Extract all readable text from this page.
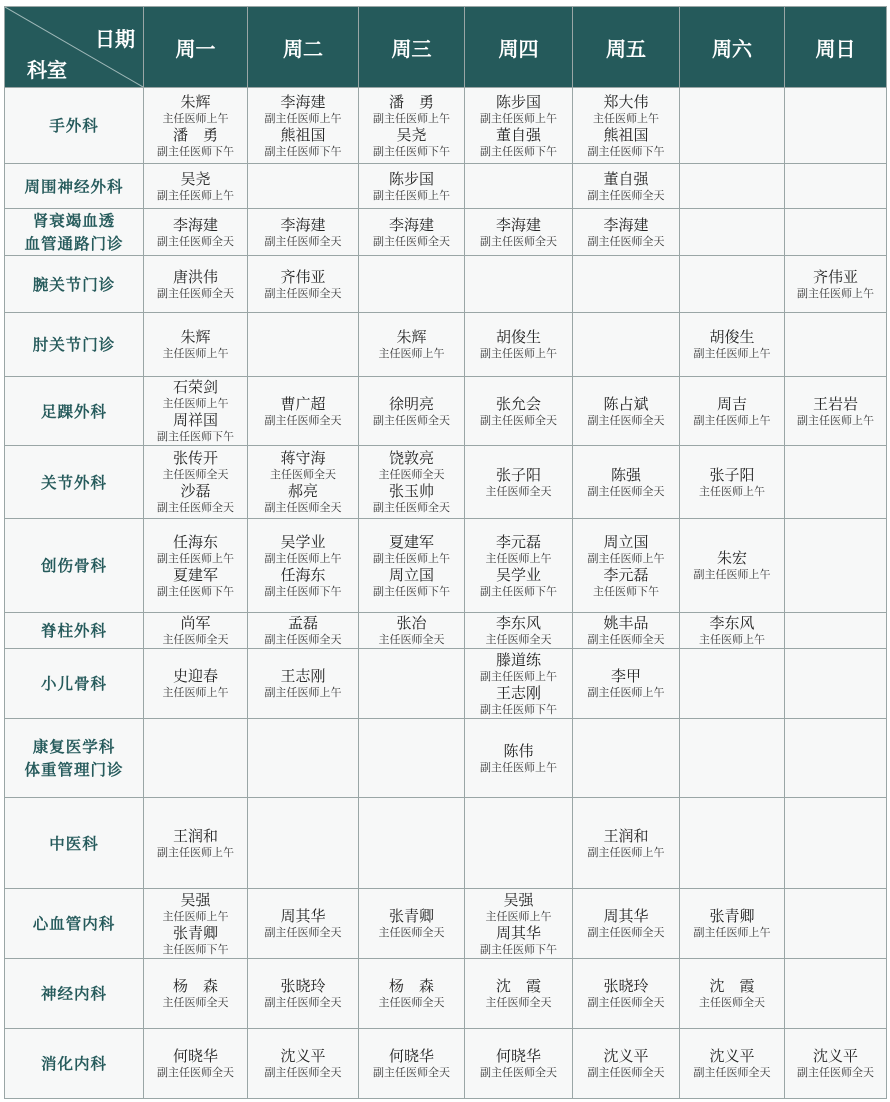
日期
科室	周一	周二	周三	周四	周五	周六	周日
手外科	朱辉
主任医师上午
潘　勇
副主任医师下午	李海建
副主任医师上午
熊祖国
副主任医师下午	潘　勇
副主任医师上午
吴尧
副主任医师下午	陈步国
副主任医师上午
董自强
副主任医师下午	郑大伟
主任医师上午
熊祖国
副主任医师下午		

周围神经外科	吴尧
副主任医师上午		陈步国
副主任医师上午		董自强
副主任医师全天		

肾衰竭血透
血管通路门诊	李海建
副主任医师全天	李海建
副主任医师全天	李海建
副主任医师全天	李海建
副主任医师全天	李海建
副主任医师全天		

腕关节门诊	唐洪伟
副主任医师全天	齐伟亚
副主任医师全天					齐伟亚
副主任医师上午

肘关节门诊	朱辉
主任医师上午		朱辉
主任医师上午	胡俊生
副主任医师上午		胡俊生
副主任医师上午	

足踝外科	石荣剑
主任医师上午
周祥国
副主任医师下午	曹广超
副主任医师全天	徐明亮
副主任医师全天	张允会
副主任医师全天	陈占斌
副主任医师全天	周吉
副主任医师上午	王岩岩
副主任医师上午

关节外科	张传开
主任医师全天
沙磊
副主任医师全天	蒋守海
主任医师全天
郝亮
副主任医师全天	饶敦亮
主任医师全天
张玉帅
副主任医师全天	张子阳
主任医师全天	陈强
副主任医师全天	张子阳
主任医师上午	

创伤骨科	任海东
副主任医师上午
夏建军
副主任医师下午	吴学业
副主任医师上午
任海东
副主任医师下午	夏建军
副主任医师上午
周立国
副主任医师下午	李元磊
主任医师上午
吴学业
副主任医师下午	周立国
副主任医师上午
李元磊
主任医师下午	朱宏
副主任医师上午	

脊柱外科	尚军
主任医师全天	孟磊
副主任医师全天	张冶
主任医师全天	李东风
主任医师全天	姚丰品
副主任医师全天	李东风
主任医师上午	

小儿骨科	史迎春
主任医师上午	王志刚
副主任医师上午		滕道练
副主任医师上午
王志刚
副主任医师下午	李甲
副主任医师上午		

康复医学科
体重管理门诊				陈伟
副主任医师上午			

中医科	王润和
副主任医师上午				王润和
副主任医师上午		

心血管内科	吴强
主任医师上午
张青卿
主任医师下午	周其华
副主任医师全天	张青卿
主任医师全天	吴强
主任医师上午
周其华
副主任医师下午	周其华
副主任医师全天	张青卿
副主任医师上午	

神经内科	杨　森
主任医师全天	张晓玲
副主任医师全天	杨　森
主任医师全天	沈　霞
主任医师全天	张晓玲
副主任医师全天	沈　霞
主任医师全天	

消化内科	何晓华
副主任医师全天	沈义平
副主任医师全天	何晓华
副主任医师全天	何晓华
副主任医师全天	沈义平
副主任医师全天	沈义平
副主任医师全天	沈义平
副主任医师全天
